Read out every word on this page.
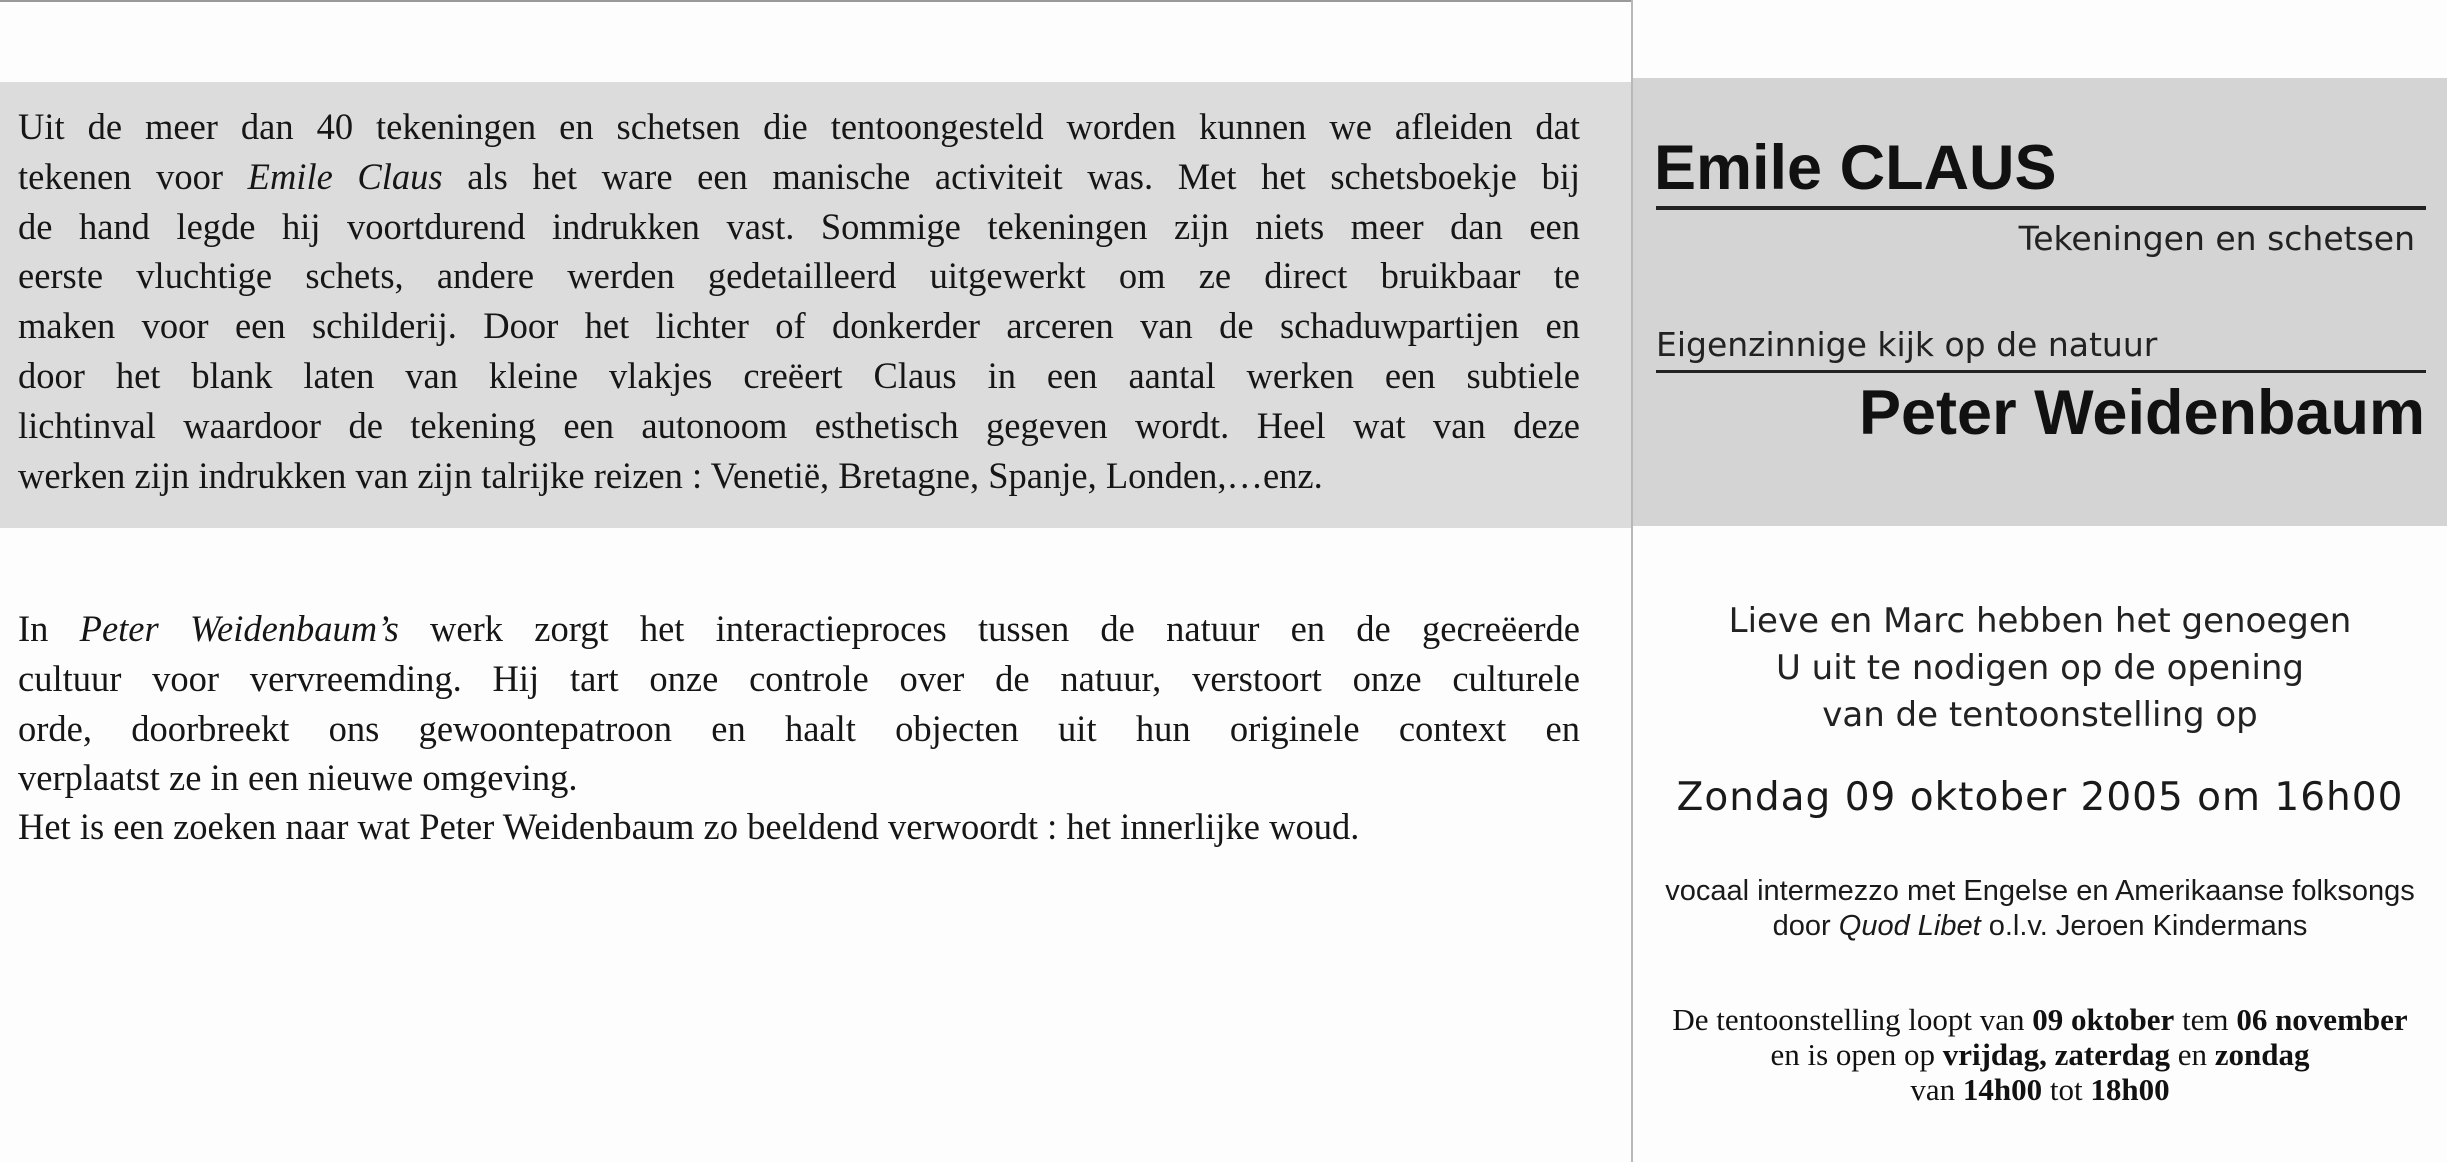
Uit de meer dan 40 tekeningen en schetsen die tentoongesteld worden kunnen we afleiden dat
tekenen voor Emile Claus als het ware een manische activiteit was. Met het schetsboekje bij
de hand legde hij voortdurend indrukken vast. Sommige tekeningen zijn niets meer dan een
eerste vluchtige schets, andere werden gedetailleerd uitgewerkt om ze direct bruikbaar te
maken voor een schilderij. Door het lichter of donkerder arceren van de schaduwpartijen en
door het blank laten van kleine vlakjes creëert Claus in een aantal werken een subtiele
lichtinval waardoor de tekening een autonoom esthetisch gegeven wordt. Heel wat van deze
werken zijn indrukken van zijn talrijke reizen : Venetië, Bretagne, Spanje, Londen,…enz.
In Peter Weidenbaum’s werk zorgt het interactieproces tussen de natuur en de gecreëerde
cultuur voor vervreemding. Hij tart onze controle over de natuur, verstoort onze culturele
orde, doorbreekt ons gewoontepatroon en haalt objecten uit hun originele context en
verplaatst ze in een nieuwe omgeving.
Het is een zoeken naar wat Peter Weidenbaum zo beeldend verwoordt : het innerlijke woud.
Emile CLAUS
Tekeningen en schetsen
Eigenzinnige kijk op de natuur
Peter Weidenbaum
Lieve en Marc hebben het genoegen
U uit te nodigen op de opening
van de tentoonstelling op
Zondag 09 oktober 2005 om 16h00
vocaal intermezzo met Engelse en Amerikaanse folksongs
door Quod Libet o.l.v. Jeroen Kindermans
De tentoonstelling loopt van 09 oktober tem 06 november
en is open op vrijdag, zaterdag en zondag
van 14h00 tot 18h00
